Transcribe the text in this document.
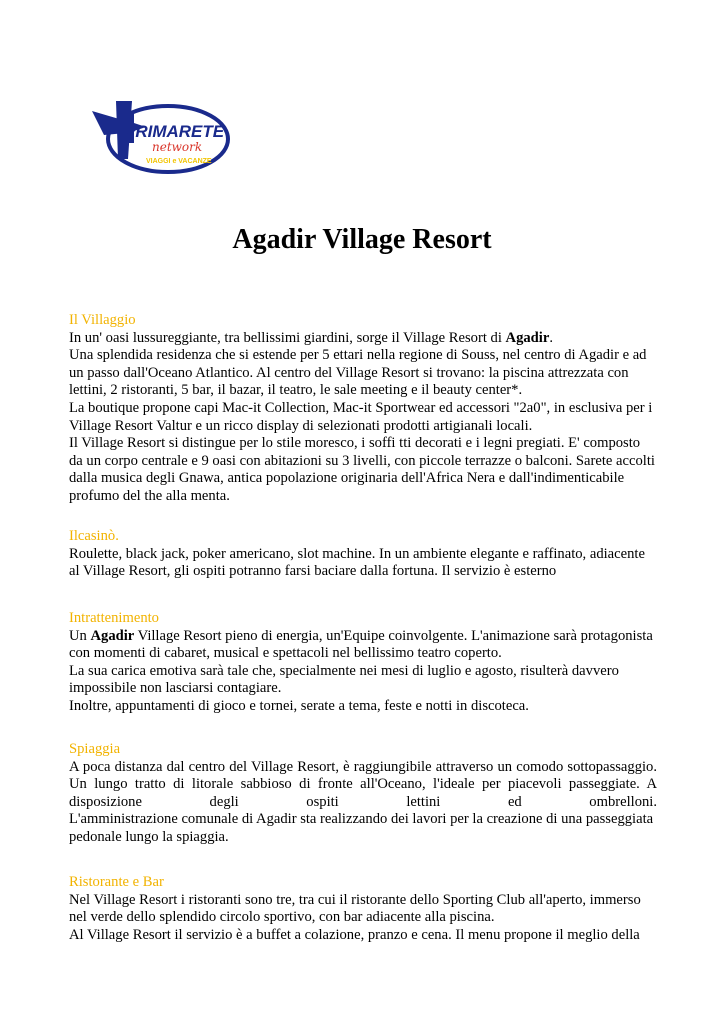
PRIMARETE
network
VIAGGI e VACANZE
Agadir Village Resort

Il Villaggio

In un' oasi lussureggiante, tra bellissimi giardini, sorge il Village Resort di Agadir.

Una splendida residenza che si estende per 5 ettari nella regione di Souss, nel centro di Agadir e ad un passo dall'Oceano Atlantico. Al centro del Village Resort si trovano: la piscina attrezzata con lettini, 2 ristoranti, 5 bar, il bazar, il teatro, le sale meeting e il beauty center*.

La boutique propone capi Mac-it Collection, Mac-it Sportwear ed accessori "2a0", in esclusiva per i Village Resort Valtur e un ricco display di selezionati prodotti artigianali locali.

Il Village Resort si distingue per lo stile moresco, i soffi tti decorati e i legni pregiati. E' composto da un corpo centrale e 9 oasi con abitazioni su 3 livelli, con piccole terrazze o balconi. Sarete accolti dalla musica degli Gnawa, antica popolazione originaria dell'Africa Nera e dall'indimenticabile profumo del the alla menta.

Ilcasinò.

Roulette, black jack, poker americano, slot machine. In un ambiente elegante e raffinato, adiacente al Village Resort, gli ospiti potranno farsi baciare dalla fortuna. Il servizio è esterno

Intrattenimento

Un Agadir Village Resort pieno di energia, un'Equipe coinvolgente. L'animazione sarà protagonista con momenti di cabaret, musical e spettacoli nel bellissimo teatro coperto.

La sua carica emotiva sarà tale che, specialmente nei mesi di luglio e agosto, risulterà davvero impossibile non lasciarsi contagiare.

Inoltre, appuntamenti di gioco e tornei, serate a tema, feste e notti in discoteca.

Spiaggia

A poca distanza dal centro del Village Resort, è raggiungibile attraverso un comodo sottopassaggio. Un lungo tratto di litorale sabbioso di fronte all'Oceano, l'ideale per piacevoli passeggiate. A disposizione degli ospiti lettini ed ombrelloni.

L'amministrazione comunale di Agadir sta realizzando dei lavori per la creazione di una passeggiata pedonale lungo la spiaggia.

Ristorante e Bar

Nel Village Resort i ristoranti sono tre, tra cui il ristorante dello Sporting Club all'aperto, immerso nel verde dello splendido circolo sportivo, con bar adiacente alla piscina.

Al Village Resort il servizio è a buffet a colazione, pranzo e cena. Il menu propone il meglio della
